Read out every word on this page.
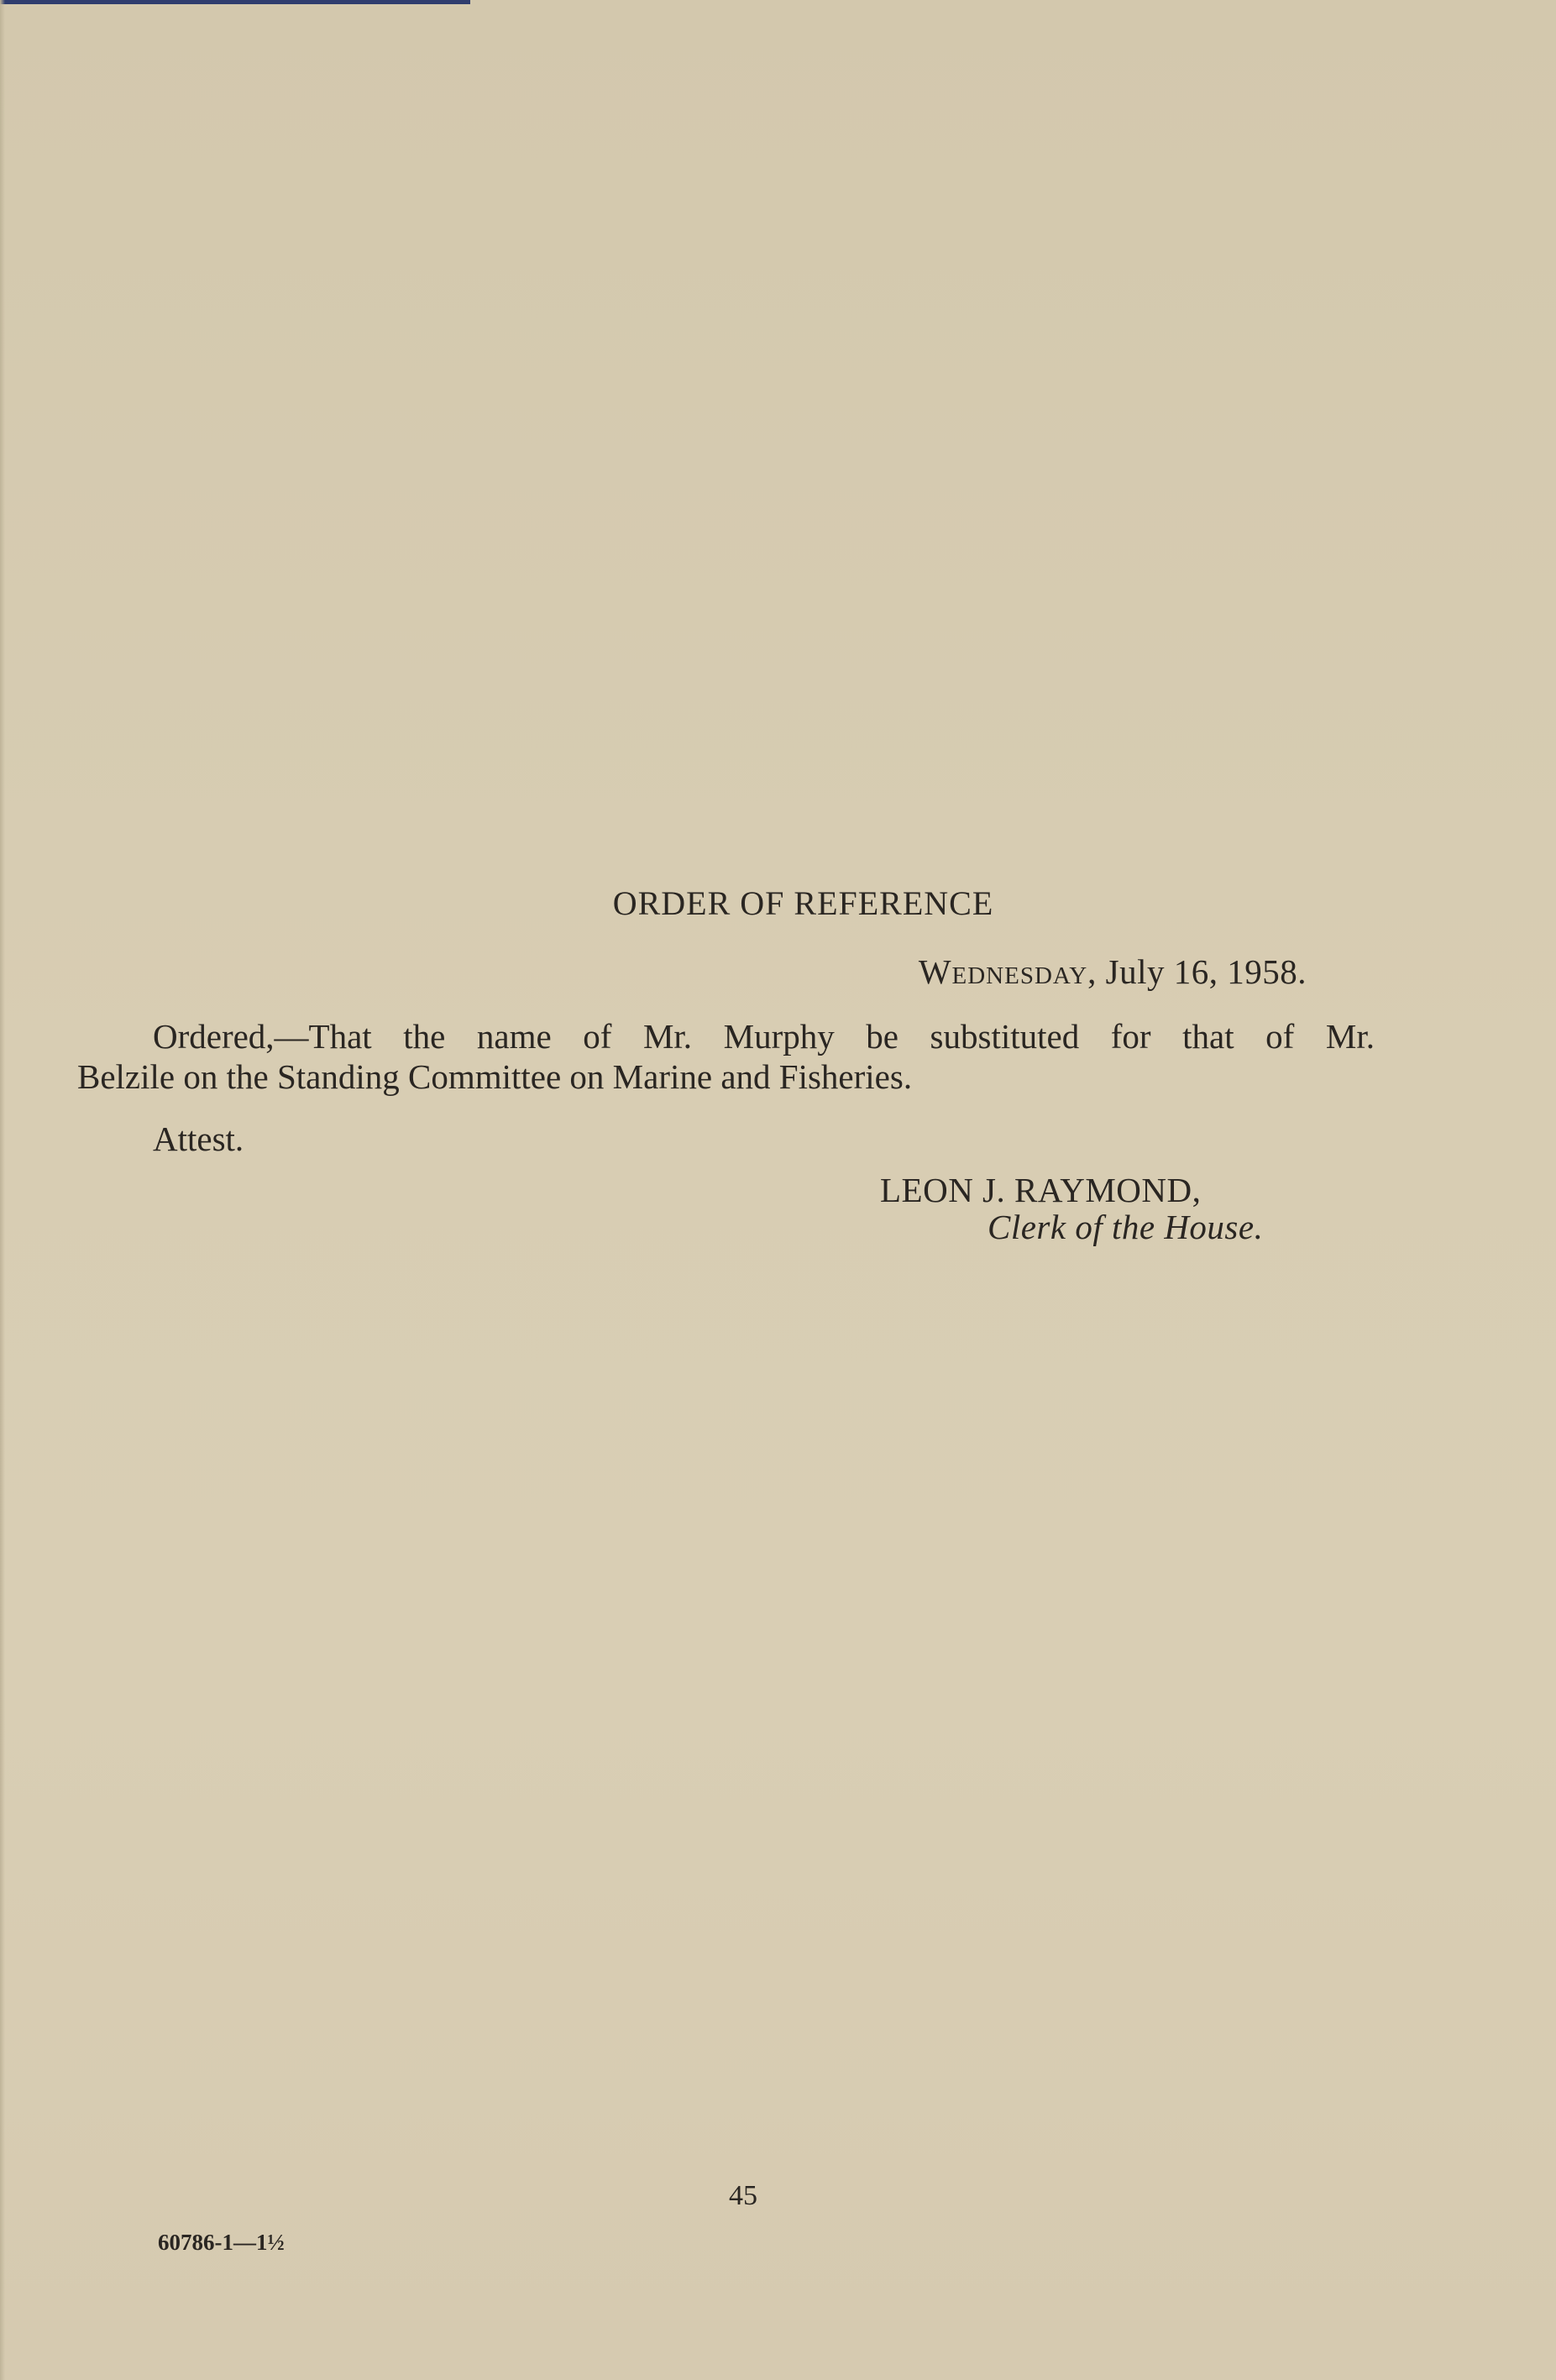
ORDER OF REFERENCE
Wednesday, July 16, 1958.
Ordered,—That the name of Mr. Murphy be substituted for that of Mr.
Belzile on the Standing Committee on Marine and Fisheries.
Attest.
LEON J. RAYMOND,
Clerk of the House.
45
60786-1—1½
